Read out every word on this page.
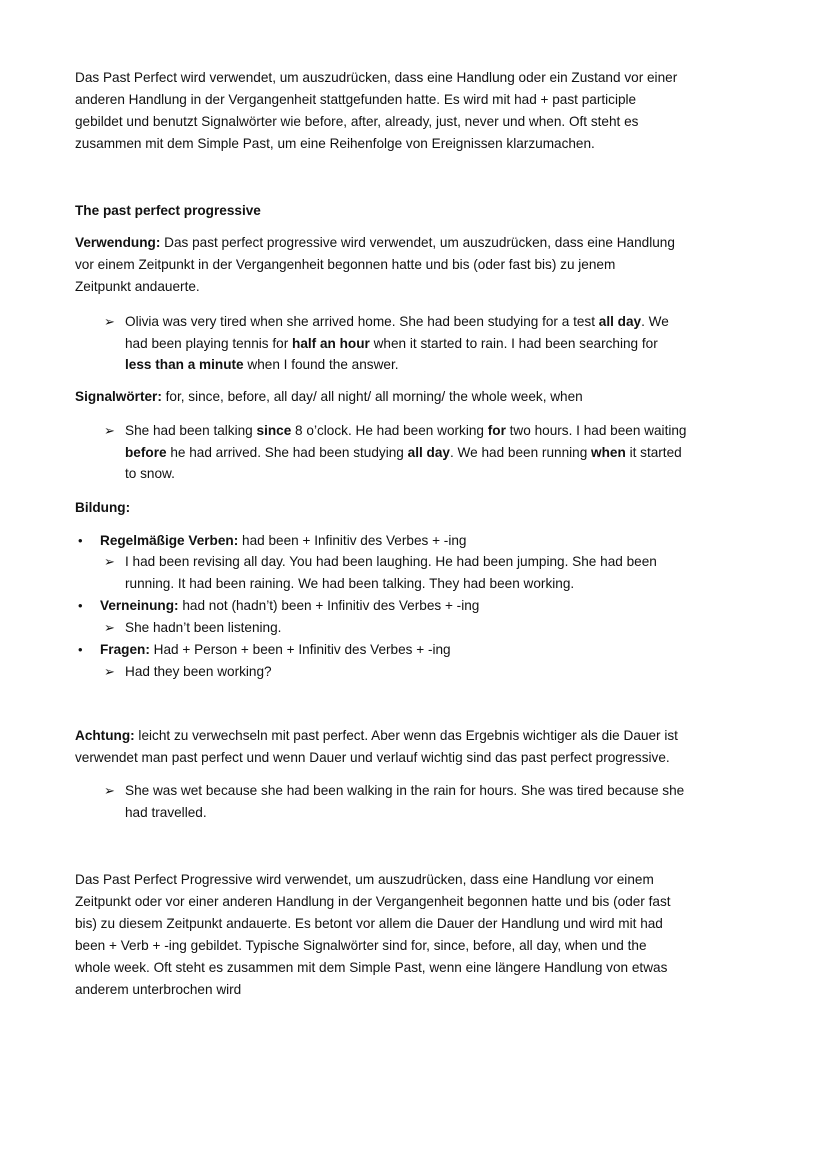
Das Past Perfect wird verwendet, um auszudrücken, dass eine Handlung oder ein Zustand vor einer
anderen Handlung in der Vergangenheit stattgefunden hatte. Es wird mit had + past participle
gebildet und benutzt Signalwörter wie before, after, already, just, never und when. Oft steht es
zusammen mit dem Simple Past, um eine Reihenfolge von Ereignissen klarzumachen.
The past perfect progressive
Verwendung: Das past perfect progressive wird verwendet, um auszudrücken, dass eine Handlung
vor einem Zeitpunkt in der Vergangenheit begonnen hatte und bis (oder fast bis) zu jenem
Zeitpunkt andauerte.
➢ Olivia was very tired when she arrived home. She had been studying for a test all day. We
had been playing tennis for half an hour when it started to rain. I had been searching for
less than a minute when I found the answer.
Signalwörter: for, since, before, all day/ all night/ all morning/ the whole week, when
➢ She had been talking since 8 o’clock. He had been working for two hours. I had been waiting
before he had arrived. She had been studying all day. We had been running when it started
to snow.
Bildung:
• Regelmäßige Verben: had been + Infinitiv des Verbes + -ing
➢ I had been revising all day. You had been laughing. He had been jumping. She had been
running. It had been raining. We had been talking. They had been working.
• Verneinung: had not (hadn’t) been + Infinitiv des Verbes + -ing
➢ She hadn’t been listening.
• Fragen: Had + Person + been + Infinitiv des Verbes + -ing
➢ Had they been working?
Achtung: leicht zu verwechseln mit past perfect. Aber wenn das Ergebnis wichtiger als die Dauer ist
verwendet man past perfect und wenn Dauer und verlauf wichtig sind das past perfect progressive.
➢ She was wet because she had been walking in the rain for hours. She was tired because she
had travelled.
Das Past Perfect Progressive wird verwendet, um auszudrücken, dass eine Handlung vor einem
Zeitpunkt oder vor einer anderen Handlung in der Vergangenheit begonnen hatte und bis (oder fast
bis) zu diesem Zeitpunkt andauerte. Es betont vor allem die Dauer der Handlung und wird mit had
been + Verb + -ing gebildet. Typische Signalwörter sind for, since, before, all day, when und the
whole week. Oft steht es zusammen mit dem Simple Past, wenn eine längere Handlung von etwas
anderem unterbrochen wird
